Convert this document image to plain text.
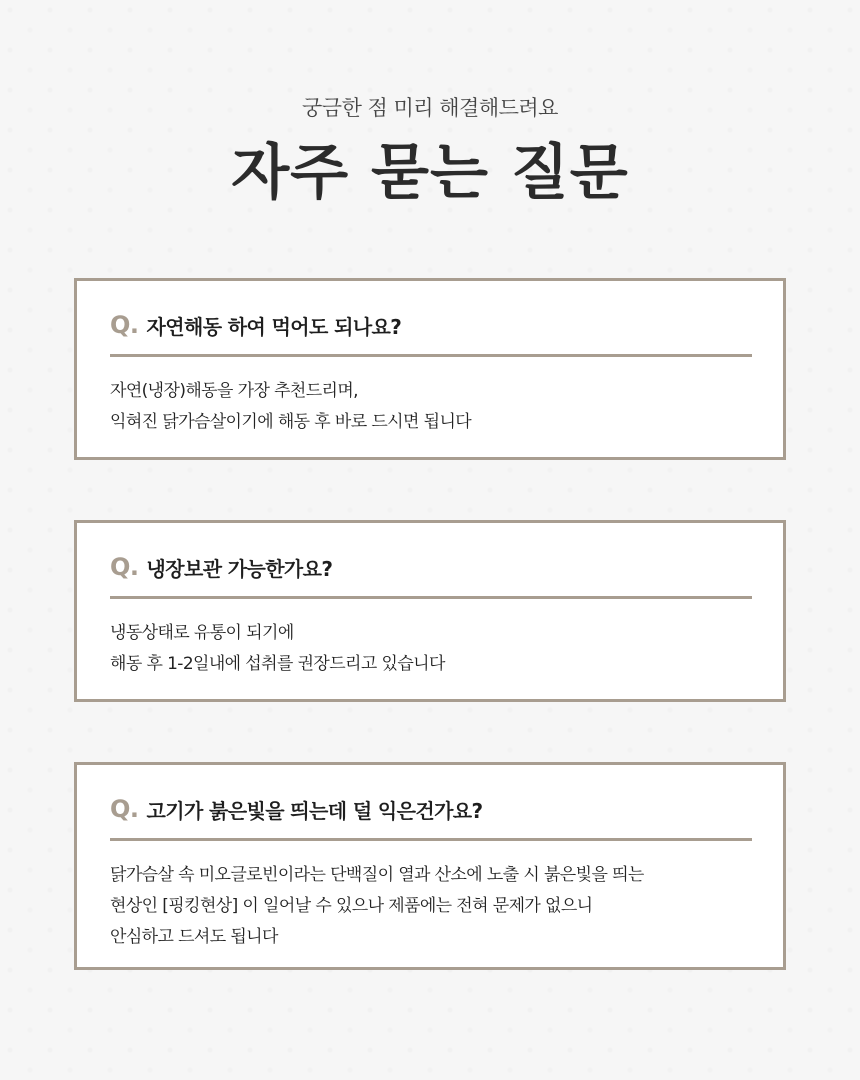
궁금한 점 미리 해결해드려요
자주 묻는 질문
Q. 자연해동 하여 먹어도 되나요?
자연(냉장)해동을 가장 추천드리며,
익혀진 닭가슴살이기에 해동 후 바로 드시면 됩니다
Q. 냉장보관 가능한가요?
냉동상태로 유통이 되기에
해동 후 1-2일내에 섭취를 권장드리고 있습니다
Q. 고기가 붉은빛을 띄는데 덜 익은건가요?
닭가슴살 속 미오글로빈이라는 단백질이 열과 산소에 노출 시 붉은빛을 띄는
현상인 [핑킹현상] 이 일어날 수 있으나 제품에는 전혀 문제가 없으니
안심하고 드셔도 됩니다
